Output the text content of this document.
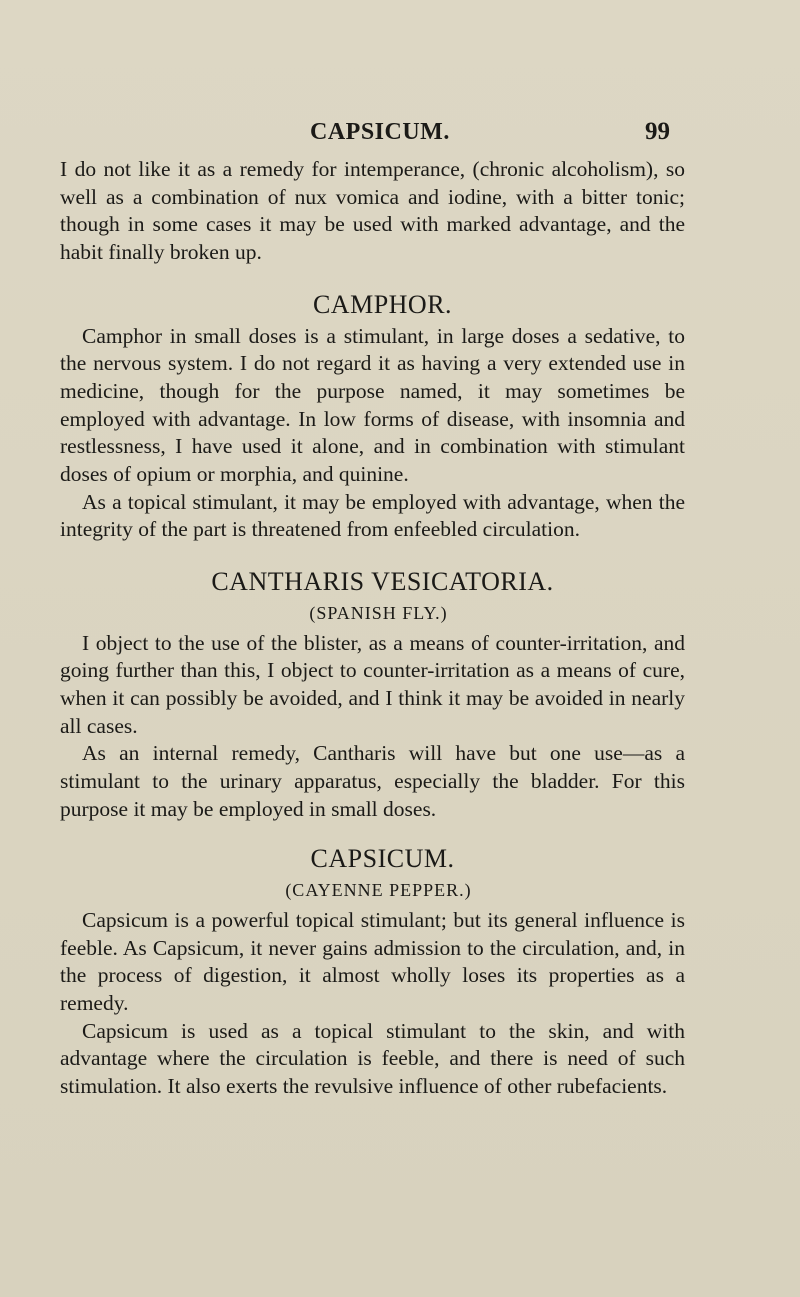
CAPSICUM.	99

I do not like it as a remedy for intemperance, (chronic alcoholism), so well as a combination of nux vomica and iodine, with a bitter tonic; though in some cases it may be used with marked advantage, and the habit finally broken up.

CAMPHOR.

Camphor in small doses is a stimulant, in large doses a sedative, to the nervous system. I do not regard it as having a very extended use in medicine, though for the purpose named, it may sometimes be employed with advantage. In low forms of disease, with insomnia and restlessness, I have used it alone, and in combination with stimulant doses of opium or morphia, and quinine.

As a topical stimulant, it may be employed with advantage, when the integrity of the part is threatened from enfeebled circulation.

CANTHARIS VESICATORIA.
(SPANISH FLY.)

I object to the use of the blister, as a means of counter-irritation, and going further than this, I object to counter-irritation as a means of cure, when it can possibly be avoided, and I think it may be avoided in nearly all cases.

As an internal remedy, Cantharis will have but one use—as a stimulant to the urinary apparatus, especially the bladder. For this purpose it may be employed in small doses.

CAPSICUM.
(CAYENNE PEPPER.)

Capsicum is a powerful topical stimulant; but its general influence is feeble. As Capsicum, it never gains admission to the circulation, and, in the process of digestion, it almost wholly loses its properties as a remedy.

Capsicum is used as a topical stimulant to the skin, and with advantage where the circulation is feeble, and there is need of such stimulation. It also exerts the revulsive influence of other rubefacients.
